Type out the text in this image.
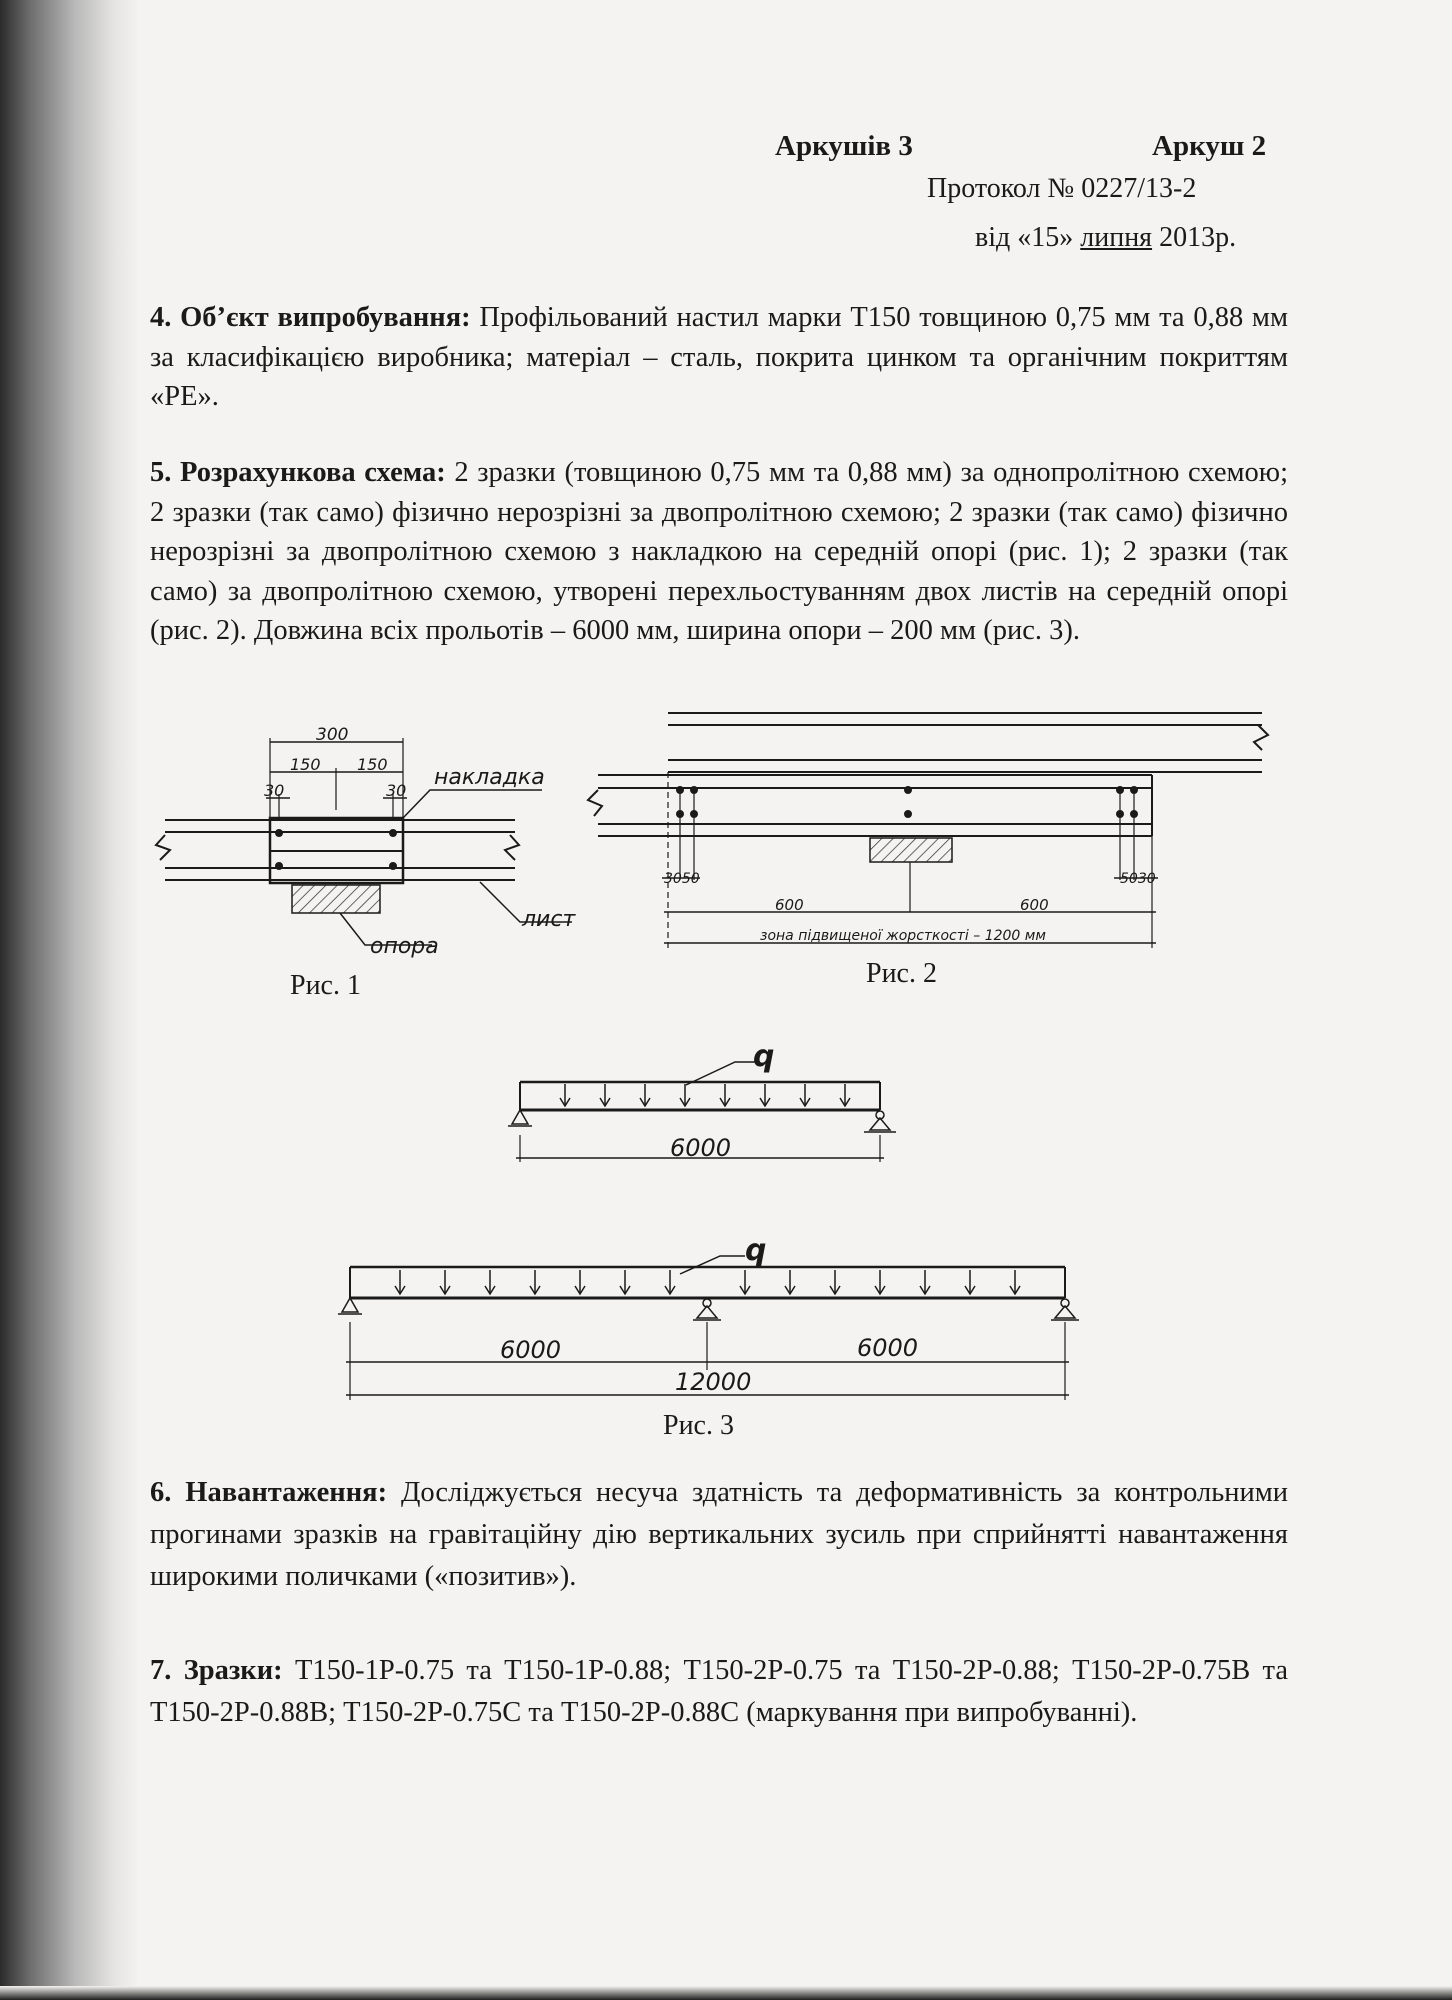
Аркушів 3	Аркуш 2

Протокол № 0227/13-2

від «15» липня 2013р.

4. Об’єкт випробування: Профільований настил марки Т150 товщиною 0,75 мм та 0,88 мм за класифікацією виробника; матеріал – сталь, покрита цинком та органічним покриттям «PE».

5. Розрахункова схема: 2 зразки (товщиною 0,75 мм та 0,88 мм) за однопролітною схемою; 2 зразки (так само) фізично нерозрізні за двопролітною схемою; 2 зразки (так само) фізично нерозрізні за двопролітною схемою з накладкою на середній опорі (рис. 1); 2 зразки (так само) за двопролітною схемою, утворені перехльостуванням двох листів на середній опорі (рис. 2). Довжина всіх прольотів – 6000 мм, ширина опори – 200 мм (рис. 3).

300
150 150
30	30
накладка
лист
опора
3050	5030
600	600
зона підвищеної жорсткості – 1200 мм
q
6000
q
6000	6000
12000

Рис. 1	Рис. 2

Рис. 3

6. Навантаження: Досліджується несуча здатність та деформативність за контрольними прогинами зразків на гравітаційну дію вертикальних зусиль при сприйнятті навантаження широкими поличками («позитив»).

7. Зразки: Т150-1Р-0.75 та Т150-1Р-0.88; Т150-2Р-0.75 та Т150-2Р-0.88; Т150-2Р-0.75В та Т150-2Р-0.88В; Т150-2Р-0.75С та Т150-2Р-0.88С (маркування при випробуванні).
